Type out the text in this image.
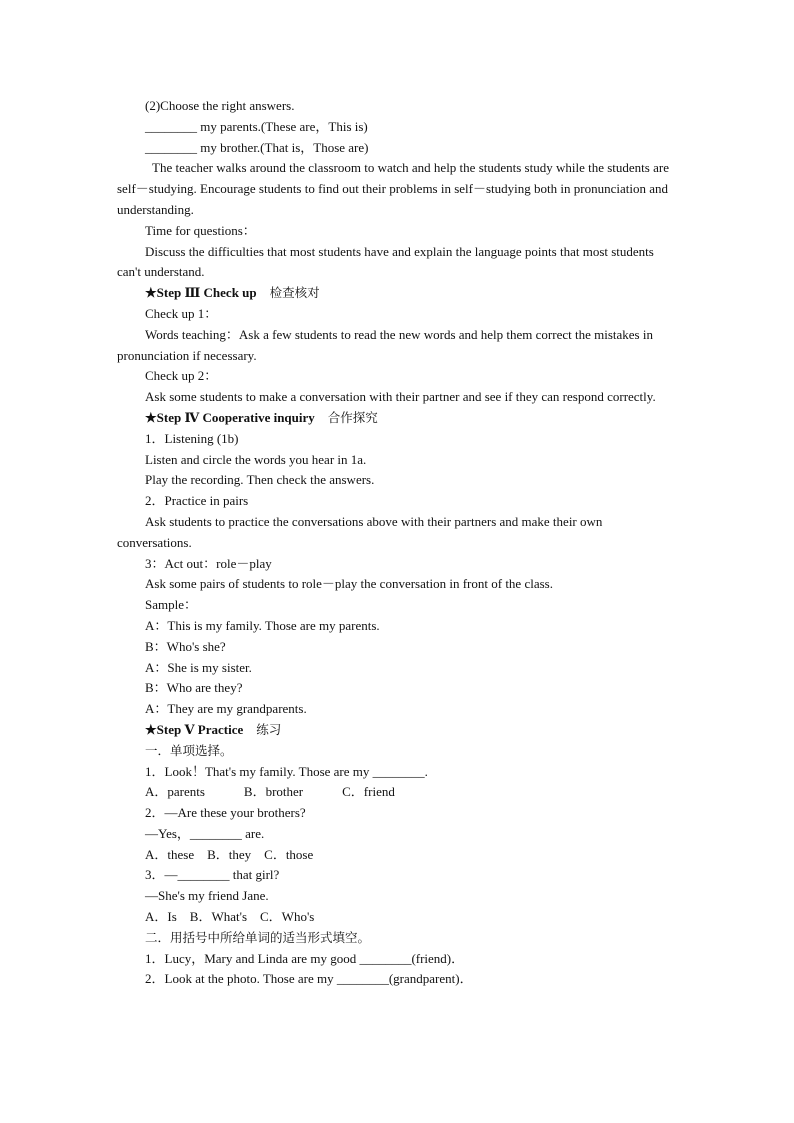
(2)Choose the right answers.
________ my parents.(These are，This is)
________ my brother.(That is，Those are)
The teacher walks around the classroom to watch and help the students study while the students are self－studying. Encourage students to find out their problems in self－studying both in pronunciation and understanding.
Time for questions：
Discuss the difficulties that most students have and explain the language points that most students can't understand.
★Step Ⅲ Check up 检查核对
Check up 1：
Words teaching：Ask a few students to read the new words and help them correct the mistakes in pronunciation if necessary.
Check up 2：
Ask some students to make a conversation with their partner and see if they can respond correctly.
★Step Ⅳ Cooperative inquiry 合作探究
1．Listening (1b)
Listen and circle the words you hear in 1a.
Play the recording. Then check the answers.
2．Practice in pairs
Ask students to practice the conversations above with their partners and make their own conversations.
3：Act out：role－play
Ask some pairs of students to role－play the conversation in front of the class.
Sample：
A：This is my family. Those are my parents.
B：Who's she?
A：She is my sister.
B：Who are they?
A：They are my grandparents.
★Step Ⅴ Practice 练习
一．单项选择。
1．Look！That's my family. Those are my ________.
A．parents            B．brother            C．friend
2．—Are these your brothers?
—Yes，________ are.
A．these    B．they    C．those
3．—________ that girl?
—She's my friend Jane.
A．Is    B．What's    C．Who's
二．用括号中所给单词的适当形式填空。
1．Lucy，Mary and Linda are my good ________(friend)．
2．Look at the photo. Those are my ________(grandparent)．
